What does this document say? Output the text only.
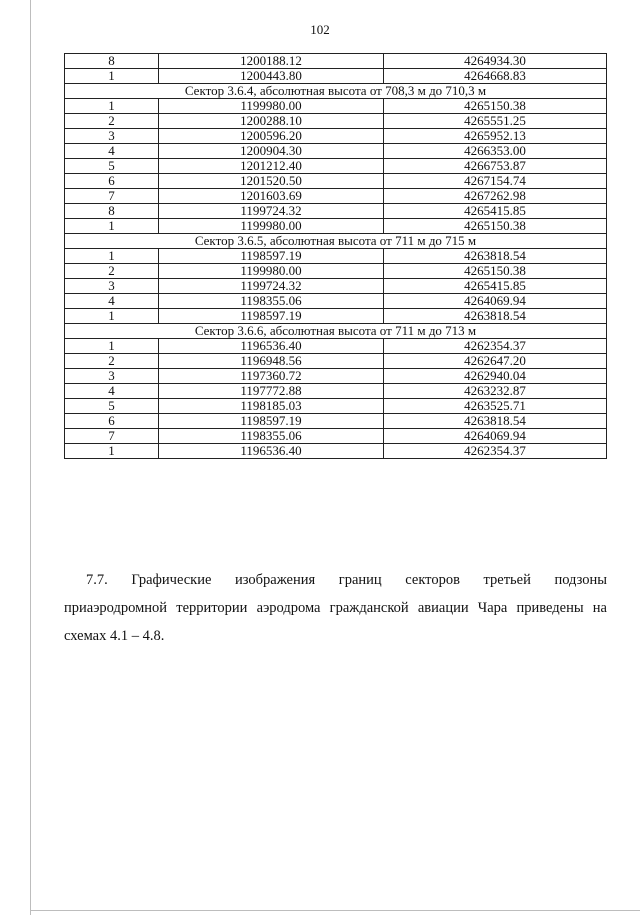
102
8	1200188.12	4264934.30
1	1200443.80	4264668.83
Сектор 3.6.4, абсолютная высота от 708,3 м до 710,3 м		
1	1199980.00	4265150.38
2	1200288.10	4265551.25
3	1200596.20	4265952.13
4	1200904.30	4266353.00
5	1201212.40	4266753.87
6	1201520.50	4267154.74
7	1201603.69	4267262.98
8	1199724.32	4265415.85
1	1199980.00	4265150.38
Сектор 3.6.5, абсолютная высота от 711 м до 715 м		
1	1198597.19	4263818.54
2	1199980.00	4265150.38
3	1199724.32	4265415.85
4	1198355.06	4264069.94
1	1198597.19	4263818.54
Сектор 3.6.6, абсолютная высота от 711 м до 713 м		
1	1196536.40	4262354.37
2	1196948.56	4262647.20
3	1197360.72	4262940.04
4	1197772.88	4263232.87
5	1198185.03	4263525.71
6	1198597.19	4263818.54
7	1198355.06	4264069.94
1	1196536.40	4262354.37
7.7. Графические изображения границ секторов третьей подзоны
приаэродромной территории аэродрома гражданской авиации Чара приведены на
схемах 4.1 – 4.8.
